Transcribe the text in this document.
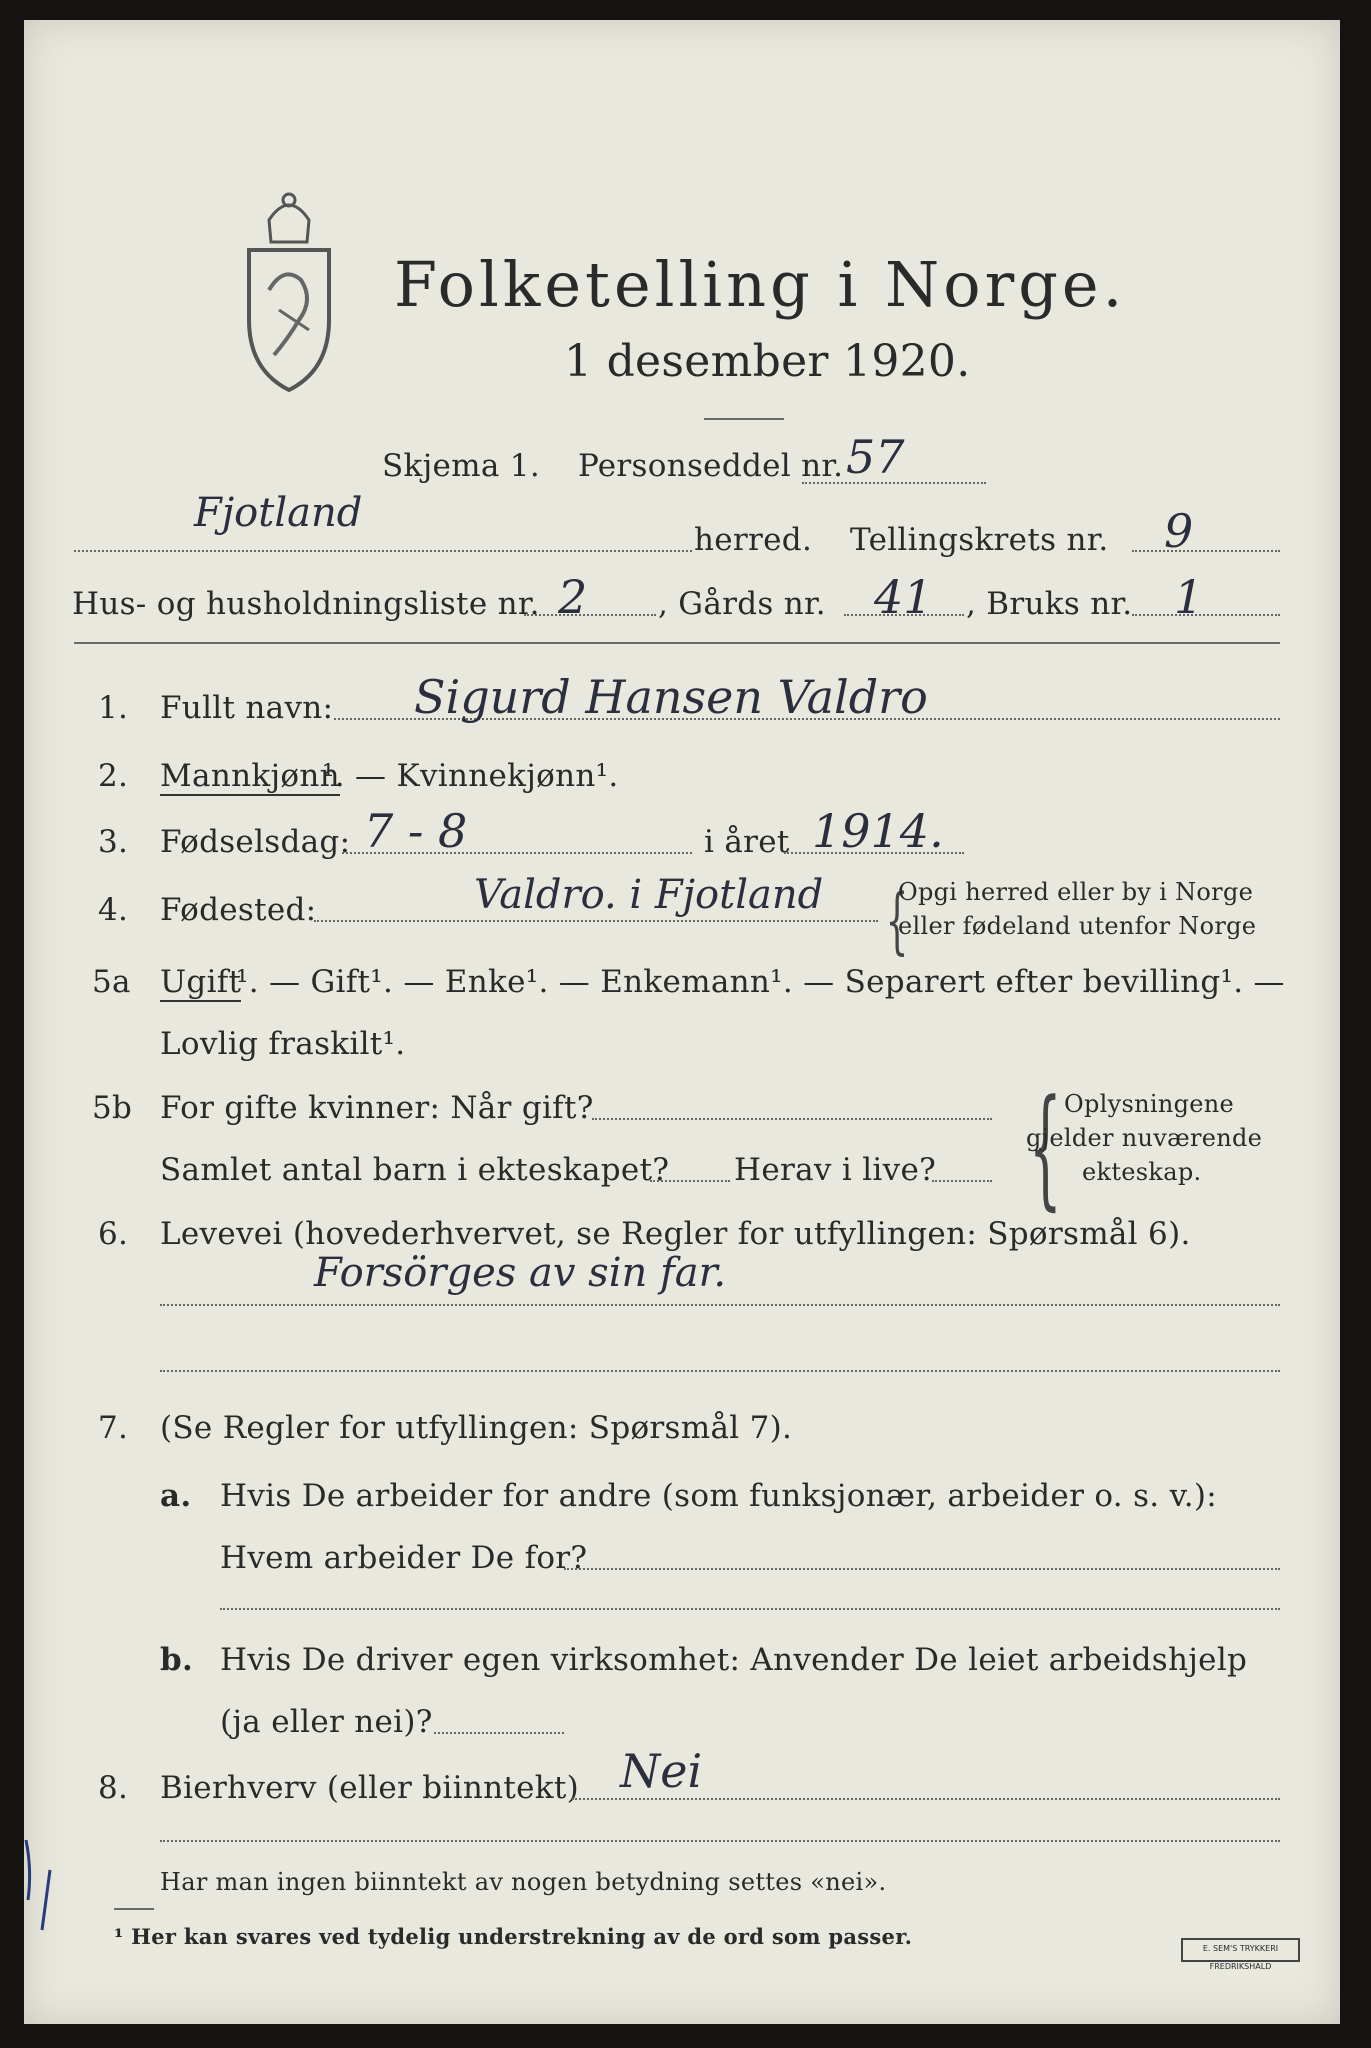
Folketelling i Norge.
1 desember 1920.
Skjema 1. Personseddel nr. 57
Fjotland
herred. Tellingskrets nr. 9
Hus- og husholdningsliste nr. 2 , Gårds nr. 41 , Bruks nr. 1
1. Fullt navn: Sigurd Hansen Valdro
2. Mannkjønn
¹. — Kvinnekjønn¹.
3. Fødselsdag: 7 - 8	i året 1914.
4. Fødested:	Valdro. i Fjotland {
Opgi herred eller by i Norge
eller fødeland utenfor Norge
5a Ugift
¹. — Gift¹. — Enke¹. — Enkemann¹. — Separert efter bevilling¹. —
Lovlig fraskilt¹.
5b For gifte kvinner: Når gift?
Samlet antal barn i ekteskapet? Herav i live? { Oplysningene
gjelder nuværende
ekteskap.
6. Levevei (hovederhvervet, se Regler for utfyllingen: Spørsmål 6).
Forsörges av sin far.
7. (Se Regler for utfyllingen: Spørsmål 7).
a. Hvis De arbeider for andre (som funksjonær, arbeider o. s. v.):
Hvem arbeider De for?
b. Hvis De driver egen virksomhet: Anvender De leiet arbeidshjelp
(ja eller nei)?
8. Bierhverv (eller biinntekt) Nei
Har man ingen biinntekt av nogen betydning settes «nei».
¹ Her kan svares ved tydelig understrekning av de ord som passer.	E. SEM'S TRYKKERI FREDRIKSHALD
